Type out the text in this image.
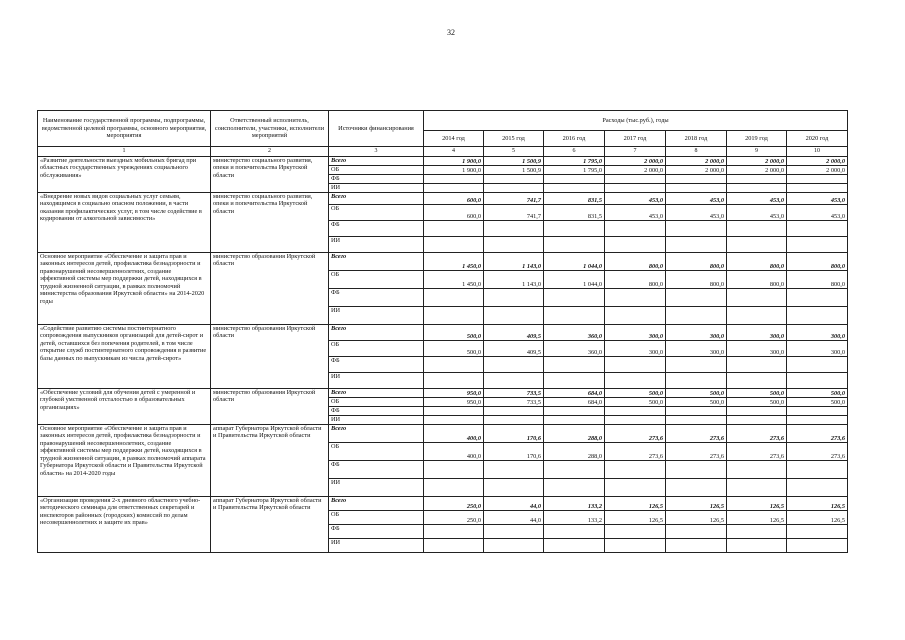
32
Наименование государственной программы, подпрограммы, ведомственной целевой программы, основного мероприятия, мероприятия	Ответственный исполнитель, соисполнители, участники, исполнители мероприятий	Источники финансирования	Расходы (тыс.руб.), годы						
			2014 год	2015 год	2016 год	2017 год	2018 год	2019 год	2020 год
1	2	3	4	5	6	7	8	9	10
«Развитие деятельности выездных мобильных бригад при областных государственных учреждениях социального обслуживания»	министерство социального развития, опеки и попечительства Иркутской области	Всего	1 900,0	1 500,9	1 795,0	2 000,0	2 000,0	2 000,0	2 000,0
		ОБ	1 900,0	1 500,9	1 795,0	2 000,0	2 000,0	2 000,0	2 000,0
		ФБ							
		ИИ							
«Внедрение новых видов социальных услуг семьям, находящимся в социально опасном положении, в части оказания профилактических услуг, в том числе содействие в кодировании от алкогольной зависимости»	министерство социального развития, опеки и попечительства Иркутской области	Всего	600,0	741,7	831,5	453,0	453,0	453,0	453,0
		ОБ	600,0	741,7	831,5	453,0	453,0	453,0	453,0
		ФБ							
		ИИ							
Основное мероприятие «Обеспечение и защита прав и законных интересов детей, профилактика безнадзорности и правонарушений несовершеннолетних, создание эффективной системы мер поддержки детей, находящихся в трудной жизненной ситуации, в рамках полномочий министерства образования Иркутской области» на 2014-2020 годы	министерство образования Иркутской области	Всего	1 450,0	1 143,0	1 044,0	800,0	800,0	800,0	800,0
		ОБ	1 450,0	1 143,0	1 044,0	800,0	800,0	800,0	800,0
		ФБ							
		ИИ							
«Содействие развитию системы постинтернатного сопровождения выпускников организаций для детей-сирот и детей, оставшихся без попечения родителей, в том числе открытие служб постинтернатного сопровождения в развитие базы данных по выпускникам из числа детей-сирот»	министерство образования Иркутской области	Всего	500,0	409,5	360,0	300,0	300,0	300,0	300,0
		ОБ	500,0	409,5	360,0	300,0	300,0	300,0	300,0
		ФБ							
		ИИ							
«Обеспечение условий для обучения детей с умеренной и глубокой умственной отсталостью в образовательных организациях»	министерство образования Иркутской области	Всего	950,0	733,5	684,0	500,0	500,0	500,0	500,0
		ОБ	950,0	733,5	684,0	500,0	500,0	500,0	500,0
		ФБ							
		ИИ							
Основное мероприятие «Обеспечение и защита прав и законных интересов детей, профилактика безнадзорности и правонарушений несовершеннолетних, создание эффективной системы мер поддержки детей, находящихся в трудной жизненной ситуации, в рамках полномочий аппарата Губернатора Иркутской области и Правительства Иркутской области» на 2014-2020 годы	аппарат Губернатора Иркутской области и Правительства Иркутской области	Всего	400,0	170,6	288,0	273,6	273,6	273,6	273,6
		ОБ	400,0	170,6	288,0	273,6	273,6	273,6	273,6
		ФБ							
		ИИ							
«Организация проведения 2-х дневного областного учебно-методического семинара для ответственных секретарей и инспекторов районных (городских) комиссий по делам несовершеннолетних и защите их прав»	аппарат Губернатора Иркутской области и Правительства Иркутской области	Всего	250,0	44,0	133,2	126,5	126,5	126,5	126,5
		ОБ	250,0	44,0	133,2	126,5	126,5	126,5	126,5
		ФБ							
		ИИ							
